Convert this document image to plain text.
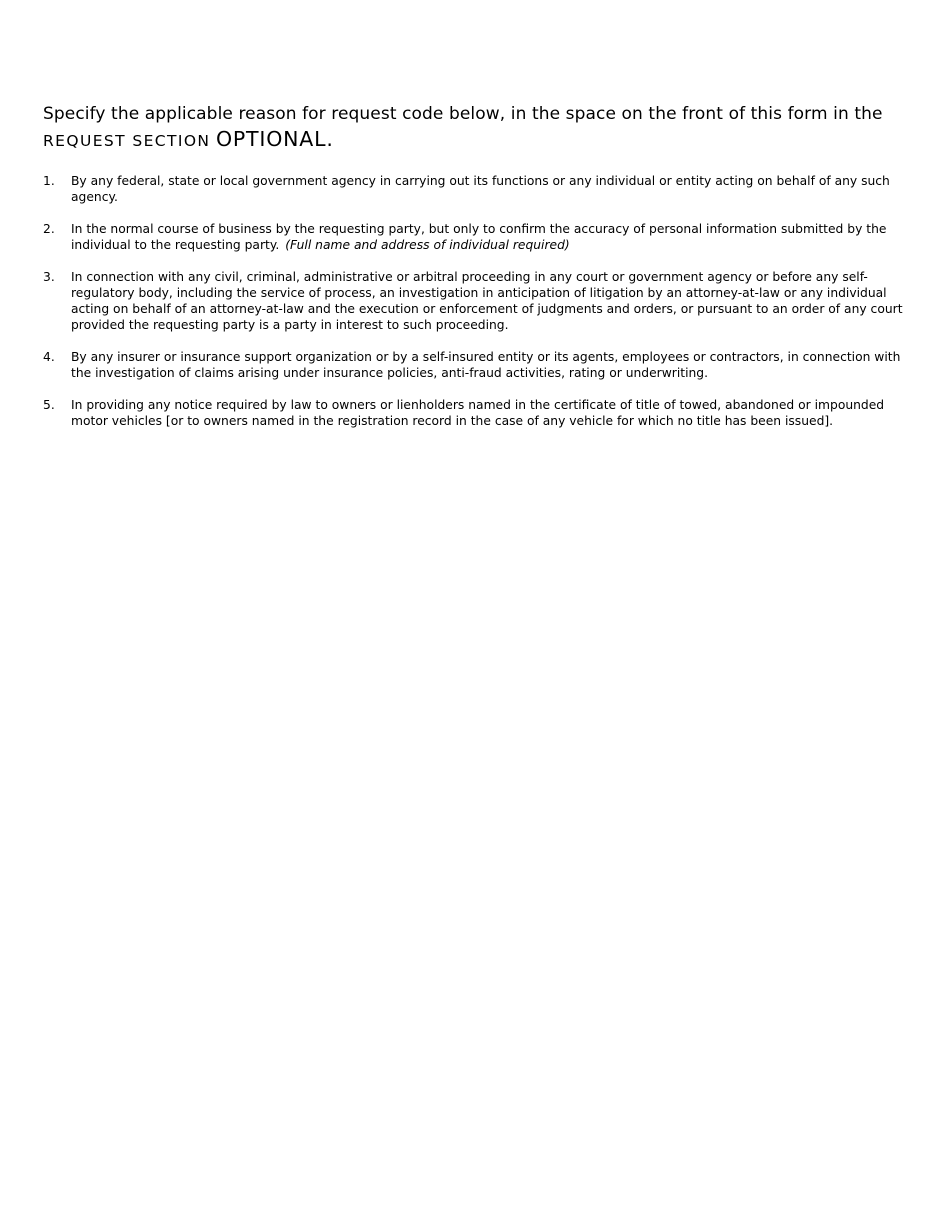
Specify the applicable reason for request code below, in the space on the front of this form in the
REQUEST SECTION OPTIONAL.

1. By any federal, state or local government agency in carrying out its functions or any individual or entity acting on behalf of any such agency.
2. In the normal course of business by the requesting party, but only to confirm the accuracy of personal information submitted by the individual to the requesting party. (Full name and address of individual required)
3. In connection with any civil, criminal, administrative or arbitral proceeding in any court or government agency or before any self-regulatory body, including the service of process, an investigation in anticipation of litigation by an attorney-at-law or any individual acting on behalf of an attorney-at-law and the execution or enforcement of judgments and orders, or pursuant to an order of any court provided the requesting party is a party in interest to such proceeding.
4. By any insurer or insurance support organization or by a self-insured entity or its agents, employees or contractors, in connection with the investigation of claims arising under insurance policies, anti-fraud activities, rating or underwriting.
5. In providing any notice required by law to owners or lienholders named in the certificate of title of towed, abandoned or impounded motor vehicles [or to owners named in the registration record in the case of any vehicle for which no title has been issued].
